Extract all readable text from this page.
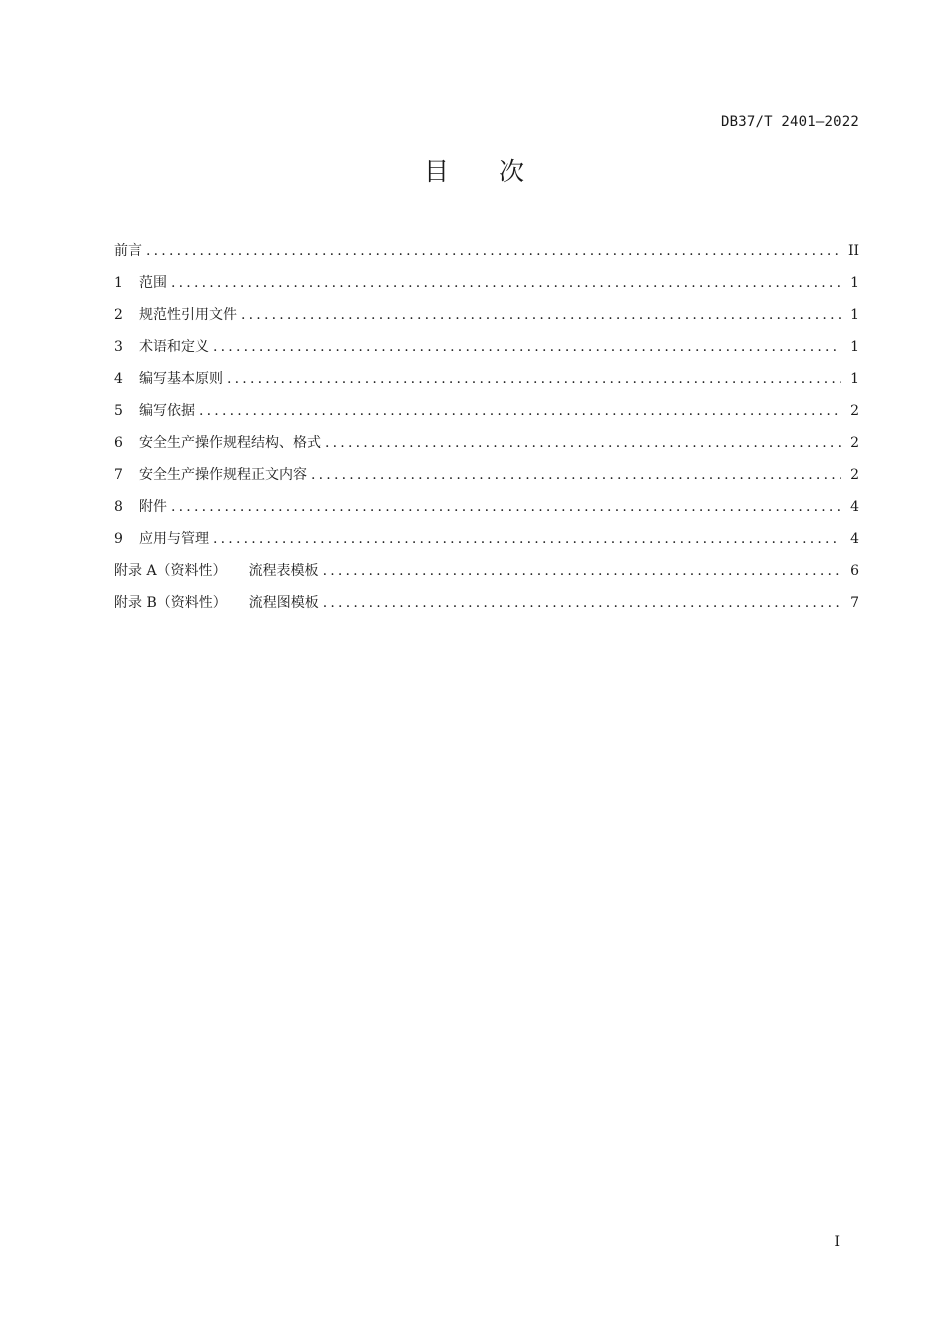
DB37/T 2401—2022
目 次
前言 .....	II
1	范围 .....	1
2	规范性引用文件 .....	1
3	术语和定义 .....	1
4	编写基本原则 .....	1
5	编写依据 .....	2
6	安全生产操作规程结构、格式 .....	2
7	安全生产操作规程正文内容 .....	2
8	附件 .....	4
9	应用与管理 .....	4
附录 A（资料性） 流程表模板 .....	6
附录 B（资料性） 流程图模板 .....	7
I
